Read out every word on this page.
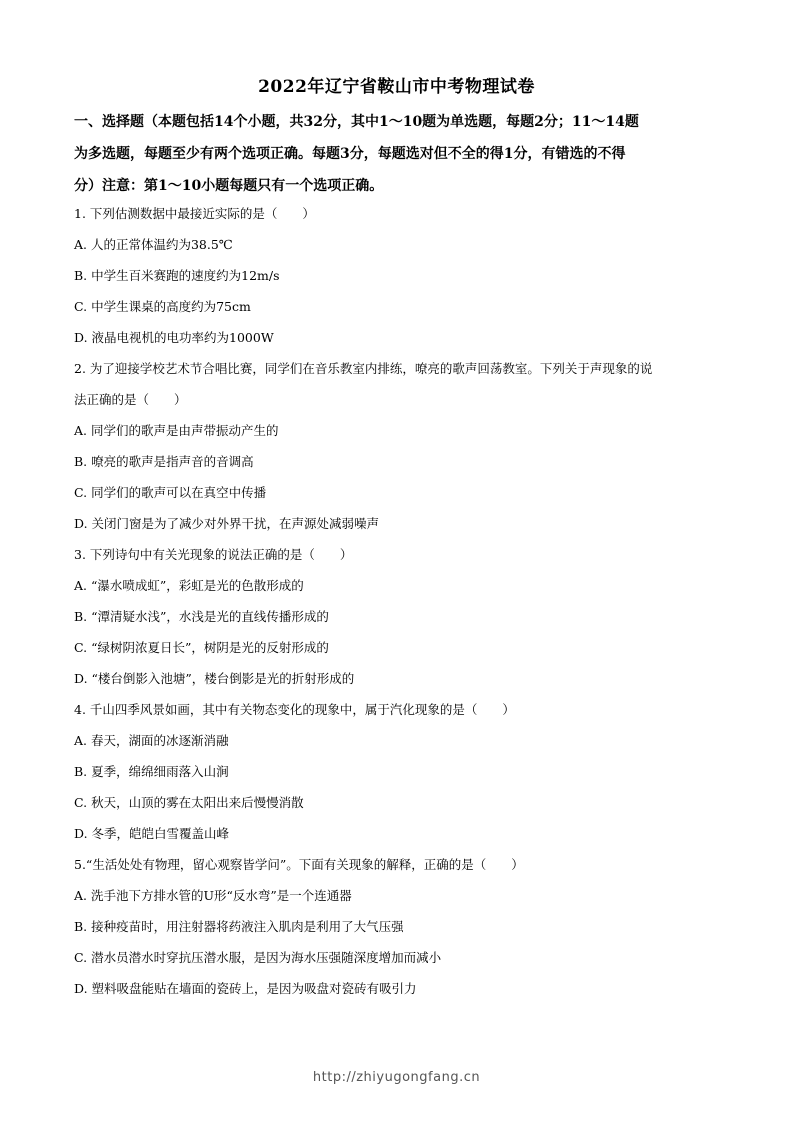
2022年辽宁省鞍山市中考物理试卷
一、选择题（本题包括14个小题，共32分，其中1～10题为单选题，每题2分；11～14题
为多选题，每题至少有两个选项正确。每题3分，每题选对但不全的得1分，有错选的不得
分）注意：第1～10小题每题只有一个选项正确。
1. 下列估测数据中最接近实际的是（　　）
A. 人的正常体温约为38.5℃
B. 中学生百米赛跑的速度约为12m/s
C. 中学生课桌的高度约为75cm
D. 液晶电视机的电功率约为1000W
2. 为了迎接学校艺术节合唱比赛，同学们在音乐教室内排练，嘹亮的歌声回荡教室。下列关于声现象的说
法正确的是（　　）
A. 同学们的歌声是由声带振动产生的
B. 嘹亮的歌声是指声音的音调高
C. 同学们的歌声可以在真空中传播
D. 关闭门窗是为了减少对外界干扰，在声源处减弱噪声
3. 下列诗句中有关光现象的说法正确的是（　　）
A. “瀑水喷成虹”，彩虹是光的色散形成的
B. “潭清疑水浅”，水浅是光的直线传播形成的
C. “绿树阴浓夏日长”，树阴是光的反射形成的
D. “楼台倒影入池塘”，楼台倒影是光的折射形成的
4. 千山四季风景如画，其中有关物态变化的现象中，属于汽化现象的是（　　）
A. 春天，湖面的冰逐渐消融
B. 夏季，绵绵细雨落入山涧
C. 秋天，山顶的雾在太阳出来后慢慢消散
D. 冬季，皑皑白雪覆盖山峰
5.“生活处处有物理，留心观察皆学问”。下面有关现象的解释，正确的是（　　）
A. 洗手池下方排水管的U形“反水弯”是一个连通器
B. 接种疫苗时，用注射器将药液注入肌肉是利用了大气压强
C. 潜水员潜水时穿抗压潜水服，是因为海水压强随深度增加而减小
D. 塑料吸盘能贴在墙面的瓷砖上，是因为吸盘对瓷砖有吸引力
http://zhiyugongfang.cn
